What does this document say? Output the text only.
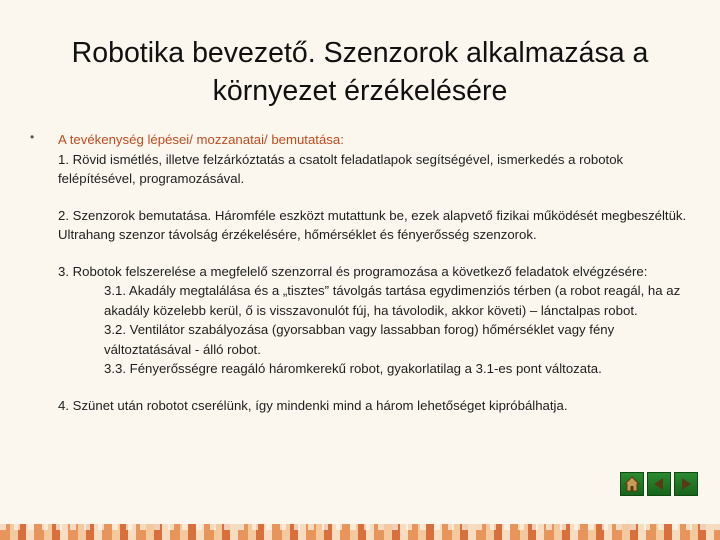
Robotika bevezető. Szenzorok alkalmazása a környezet érzékelésére
• A tevékenység lépései/ mozzanatai/ bemutatása:

1. Rövid ismétlés, illetve felzárkóztatás a csatolt feladatlapok segítségével, ismerkedés a robotok felépítésével, programozásával.

2. Szenzorok bemutatása. Háromféle eszközt mutattunk be, ezek alapvető fizikai működését megbeszéltük. Ultrahang szenzor távolság érzékelésére, hőmérséklet és fényerősség szenzorok.

3. Robotok felszerelése a megfelelő szenzorral és programozása a következő feladatok elvégzésére:

3.1. Akadály megtalálása és a „tisztes” távolgás tartása egydimenziós térben (a robot reagál, ha az akadály közelebb kerül, ő is visszavonulót fúj, ha távolodik, akkor követi) – lánctalpas robot.

3.2. Ventilátor szabályozása (gyorsabban vagy lassabban forog) hőmérséklet vagy fény változtatásával - álló robot.

3.3. Fényerősségre reagáló háromkerekű robot, gyakorlatilag a 3.1-es pont változata.

4. Szünet után robotot cserélünk, így mindenki mind a három lehetőséget kipróbálhatja.
